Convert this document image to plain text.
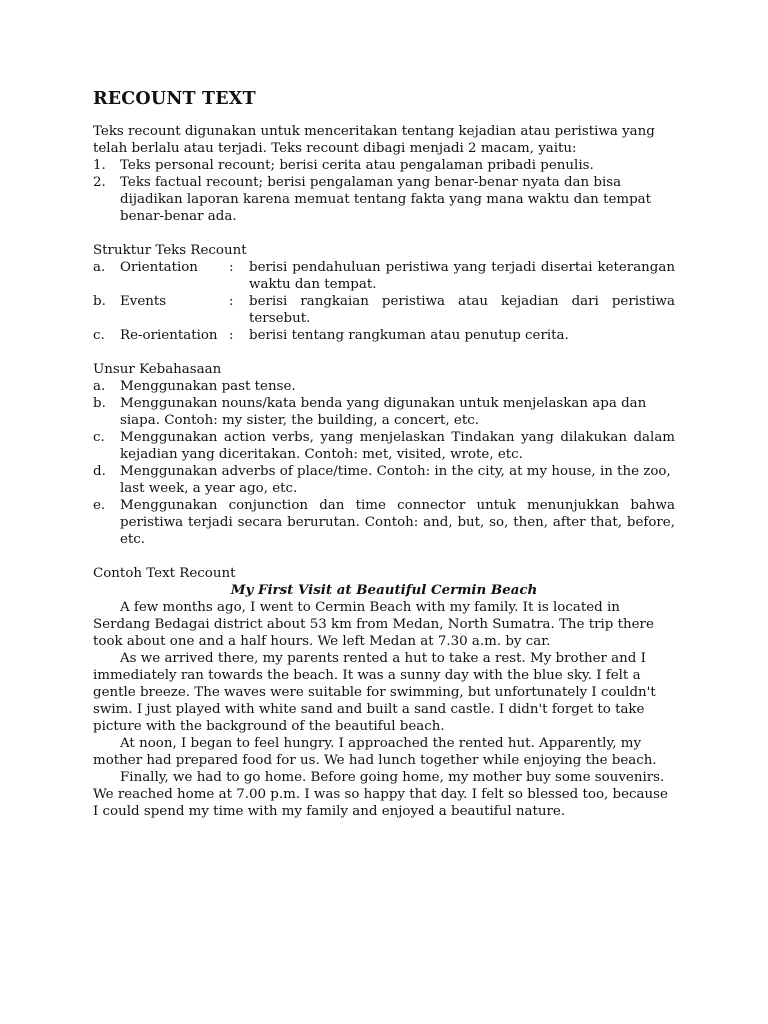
RECOUNT TEXT

Teks recount digunakan untuk menceritakan tentang kejadian atau peristiwa yang telah berlalu atau terjadi. Teks recount dibagi menjadi 2 macam, yaitu:

1.	Teks personal recount; berisi cerita atau pengalaman pribadi penulis.
2.	Teks factual recount; berisi pengalaman yang benar-benar nyata dan bisa dijadikan laporan karena memuat tentang fakta yang mana waktu dan tempat benar-benar ada.

Struktur Teks Recount

a.	Orientation	:	berisi pendahuluan peristiwa yang terjadi disertai keterangan waktu dan tempat.
b.	Events	:	berisi rangkaian peristiwa atau kejadian dari peristiwa tersebut.
c.	Re-orientation :	berisi tentang rangkuman atau penutup cerita.

Unsur Kebahasaan

a.	Menggunakan past tense.
b.	Menggunakan nouns/kata benda yang digunakan untuk menjelaskan apa dan siapa. Contoh: my sister, the building, a concert, etc.
c.	Menggunakan action verbs, yang menjelaskan Tindakan yang dilakukan dalam kejadian yang diceritakan. Contoh: met, visited, wrote, etc.
d.	Menggunakan adverbs of place/time. Contoh: in the city, at my house, in the zoo, last week, a year ago, etc.
e.	Menggunakan conjunction dan time connector untuk menunjukkan bahwa peristiwa terjadi secara berurutan. Contoh: and, but, so, then, after that, before, etc.

Contoh Text Recount

My First Visit at Beautiful Cermin Beach

A few months ago, I went to Cermin Beach with my family. It is located in Serdang Bedagai district about 53 km from Medan, North Sumatra. The trip there took about one and a half hours. We left Medan at 7.30 a.m. by car.

As we arrived there, my parents rented a hut to take a rest. My brother and I immediately ran towards the beach. It was a sunny day with the blue sky. I felt a gentle breeze. The waves were suitable for swimming, but unfortunately I couldn't swim. I just played with white sand and built a sand castle. I didn't forget to take picture with the background of the beautiful beach.

At noon, I began to feel hungry. I approached the rented hut. Apparently, my mother had prepared food for us. We had lunch together while enjoying the beach.

Finally, we had to go home. Before going home, my mother buy some souvenirs. We reached home at 7.00 p.m. I was so happy that day. I felt so blessed too, because I could spend my time with my family and enjoyed a beautiful nature.
